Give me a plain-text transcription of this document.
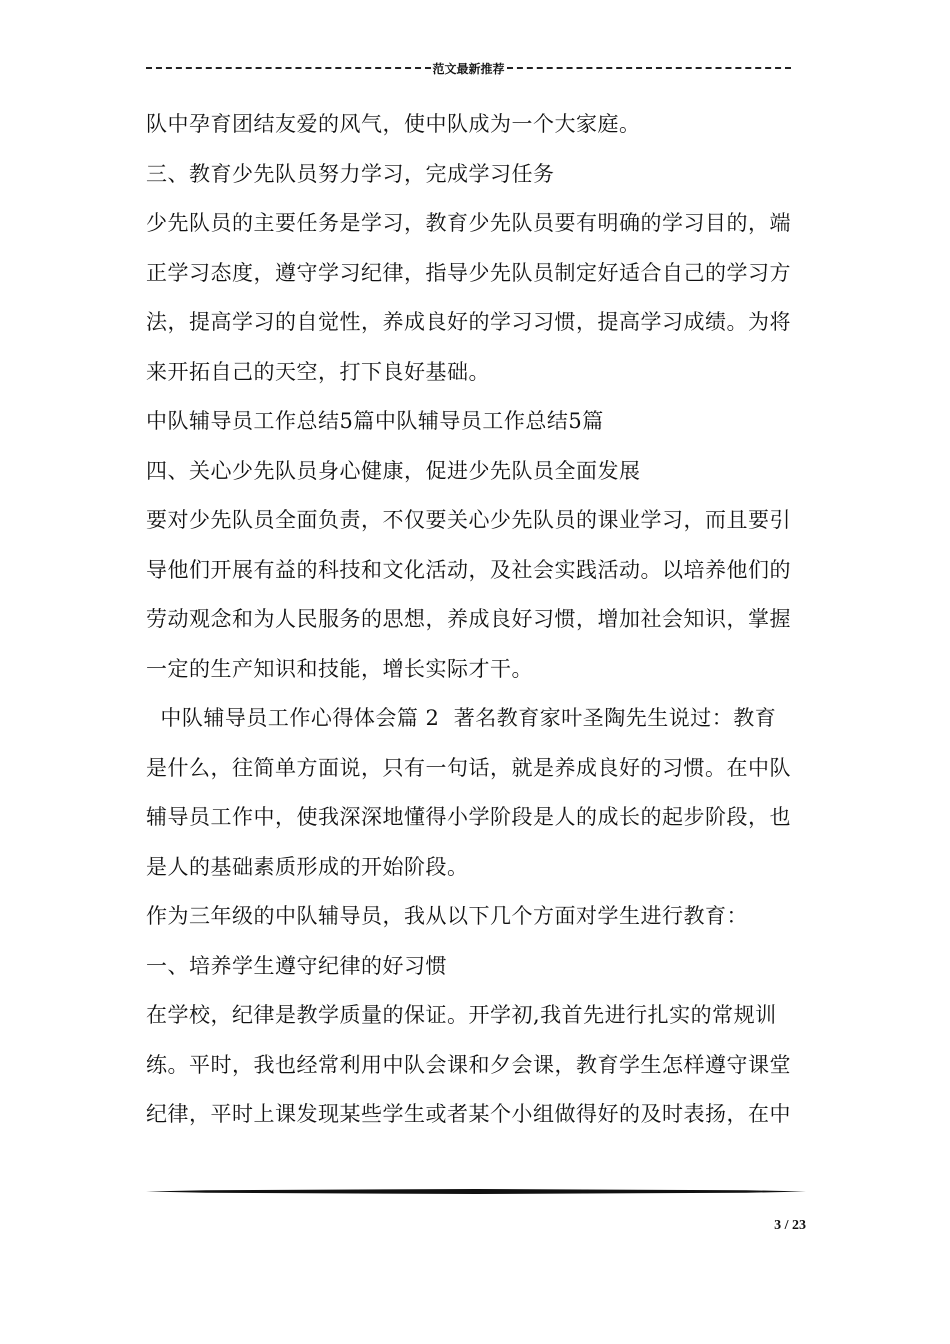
范文最新推荐
队中孕育团结友爱的风气，使中队成为一个大家庭。
三、教育少先队员努力学习，完成学习任务
少先队员的主要任务是学习，教育少先队员要有明确的学习目的，端
正学习态度，遵守学习纪律，指导少先队员制定好适合自己的学习方
法，提高学习的自觉性，养成良好的学习习惯，提高学习成绩。为将
来开拓自己的天空，打下良好基础。
中队辅导员工作总结5篇中队辅导员工作总结5篇
四、关心少先队员身心健康，促进少先队员全面发展
要对少先队员全面负责，不仅要关心少先队员的课业学习，而且要引
导他们开展有益的科技和文化活动，及社会实践活动。以培养他们的
劳动观念和为人民服务的思想，养成良好习惯，增加社会知识，掌握
一定的生产知识和技能，增长实际才干。
中队辅导员工作心得体会篇 2  著名教育家叶圣陶先生说过：教育
是什么，往简单方面说，只有一句话，就是养成良好的习惯。在中队
辅导员工作中，使我深深地懂得小学阶段是人的成长的起步阶段，也
是人的基础素质形成的开始阶段。
作为三年级的中队辅导员，我从以下几个方面对学生进行教育：
一、培养学生遵守纪律的好习惯
在学校，纪律是教学质量的保证。开学初,我首先进行扎实的常规训
练。平时，我也经常利用中队会课和夕会课，教育学生怎样遵守课堂
纪律，平时上课发现某些学生或者某个小组做得好的及时表扬，在中
3 / 23
